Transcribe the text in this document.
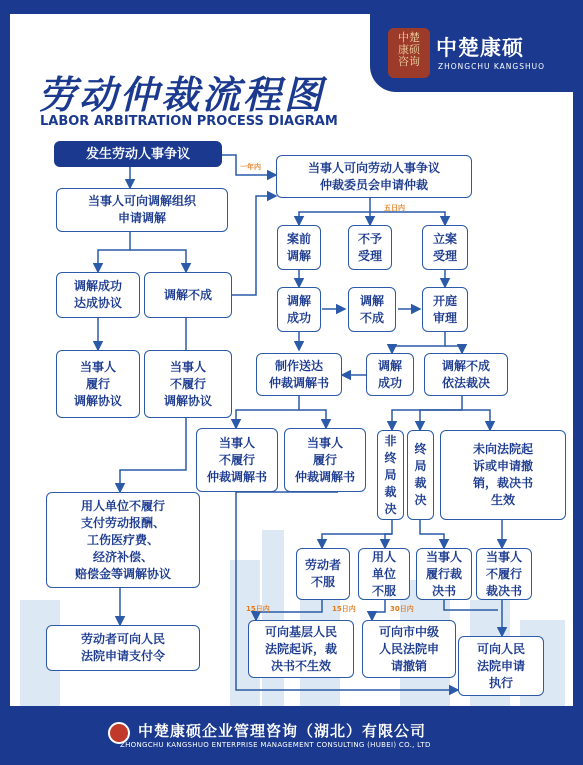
中楚
康硕
咨询
中楚康硕
ZHONGCHU KANGSHUO
劳动仲裁流程图
LABOR ARBITRATION PROCESS DIAGRAM
一年内
五日内
15日内	15日内	30日内
发生劳动人事争议
当事人可向调解组织
申请调解
当事人可向劳动人事争议
仲裁委员会申请仲裁
调解成功
达成协议
调解不成
当事人
履行
调解协议
当事人
不履行
调解协议
案前
调解
不予
受理
立案
受理
调解
成功
调解
不成
开庭
审理
制作送达
仲裁调解书
调解
成功
调解不成
依法裁决
当事人
不履行
仲裁调解书
当事人
履行
仲裁调解书
非
终
局
裁
决
终
局
裁
决
未向法院起
诉或申请撤
销，裁决书
生效
用人单位不履行
支付劳动报酬、
工伤医疗费、
经济补偿、
赔偿金等调解协议
劳动者
不服
用人
单位
不服
当事人
履行裁
决书
当事人
不履行
裁决书
劳动者可向人民
法院申请支付令
可向基层人民
法院起诉，裁
决书不生效
可向市中级
人民法院申
请撤销
可向人民
法院申请
执行
中楚康硕企业管理咨询（湖北）有限公司
ZHONGCHU KANGSHUO ENTERPRISE MANAGEMENT CONSULTING (HUBEI) CO., LTD
